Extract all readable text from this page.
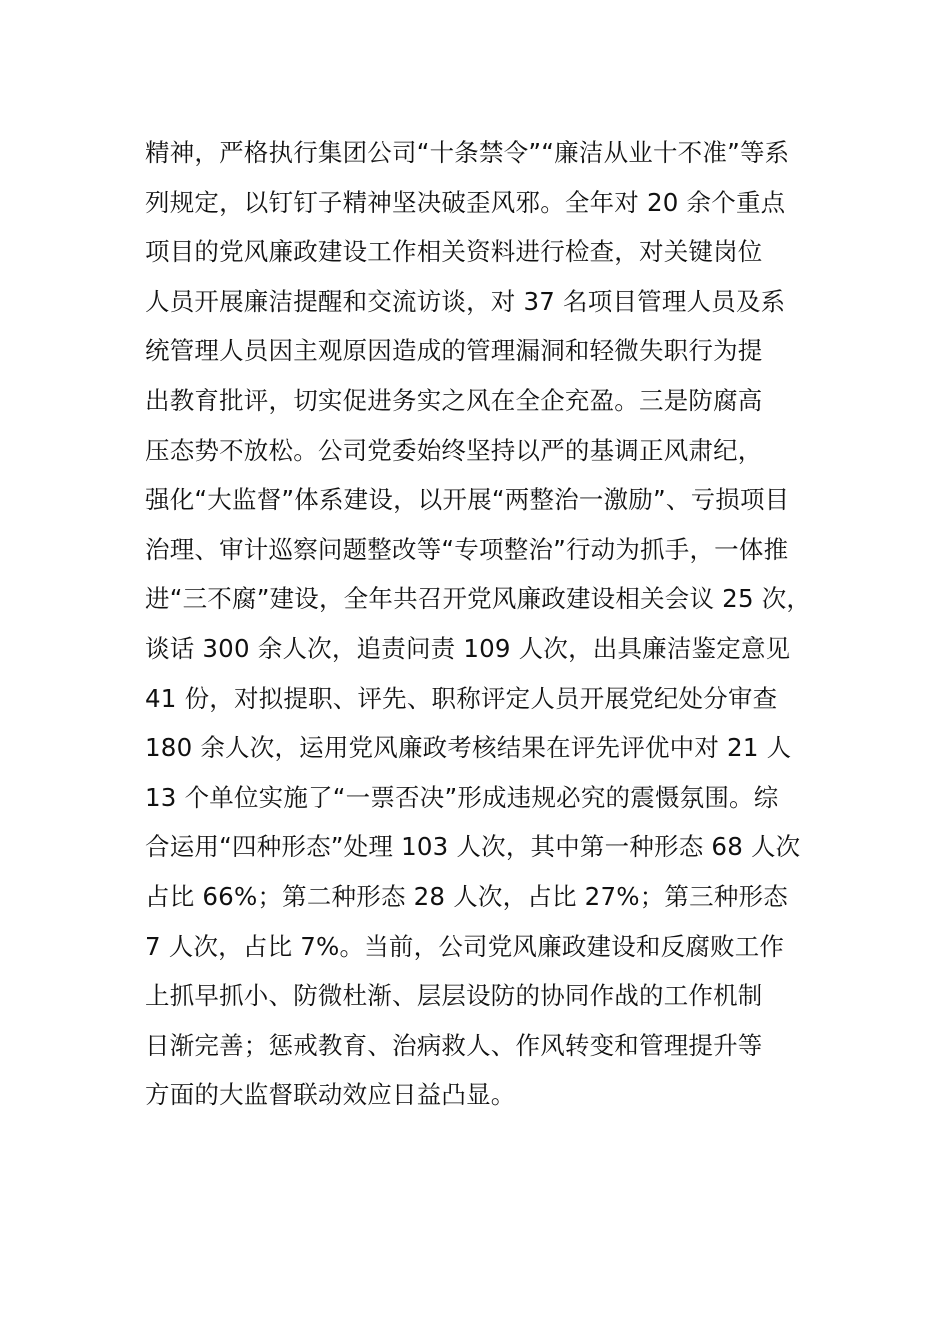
精神，严格执行集团公司“十条禁令”“廉洁从业十不准”等系
列规定，以钉钉子精神坚决破歪风邪。全年对 20 余个重点
项目的党风廉政建设工作相关资料进行检查，对关键岗位
人员开展廉洁提醒和交流访谈，对 37 名项目管理人员及系
统管理人员因主观原因造成的管理漏洞和轻微失职行为提
出教育批评，切实促进务实之风在全企充盈。三是防腐高
压态势不放松。公司党委始终坚持以严的基调正风肃纪，
强化“大监督”体系建设，以开展“两整治一激励”、亏损项目
治理、审计巡察问题整改等“专项整治”行动为抓手，一体推
进“三不腐”建设，全年共召开党风廉政建设相关会议 25 次，
谈话 300 余人次，追责问责 109 人次，出具廉洁鉴定意见
41 份，对拟提职、评先、职称评定人员开展党纪处分审查
180 余人次，运用党风廉政考核结果在评先评优中对 21 人
13 个单位实施了“一票否决”形成违规必究的震慑氛围。综
合运用“四种形态”处理 103 人次，其中第一种形态 68 人次
占比 66%；第二种形态 28 人次，占比 27%；第三种形态
7 人次，占比 7%。当前，公司党风廉政建设和反腐败工作
上抓早抓小、防微杜渐、层层设防的协同作战的工作机制
日渐完善；惩戒教育、治病救人、作风转变和管理提升等
方面的大监督联动效应日益凸显。
